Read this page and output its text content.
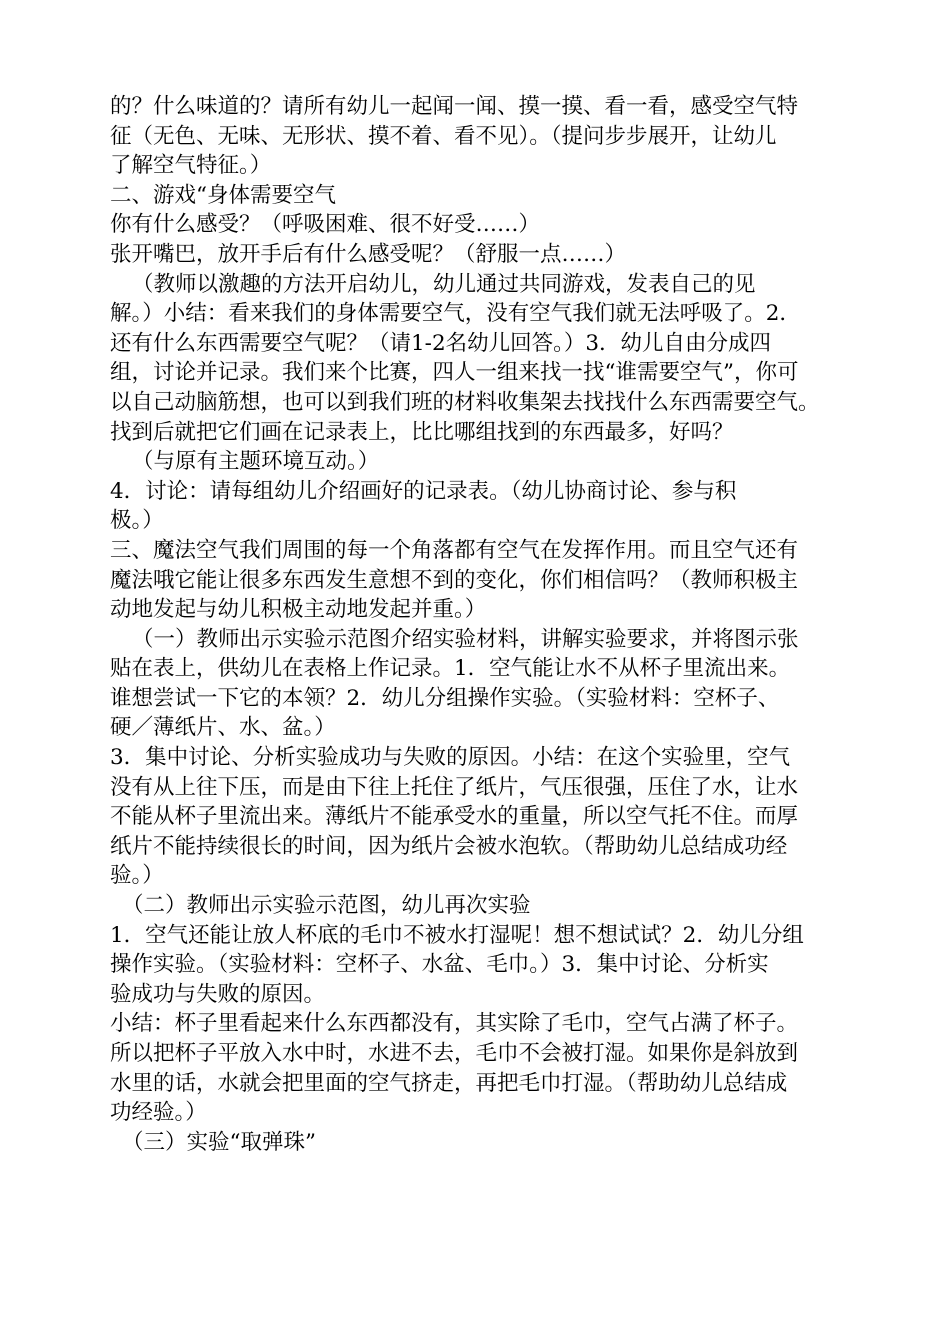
的？什么味道的？请所有幼儿一起闻一闻、摸一摸、看一看，感受空气特
征（无色、无味、无形状、摸不着、看不见）。（提问步步展开，让幼儿
了解空气特征。）
二、游戏“身体需要空气
你有什么感受？（呼吸困难、很不好受……）
张开嘴巴，放开手后有什么感受呢？（舒服一点……）
（教师以激趣的方法开启幼儿，幼儿通过共同游戏，发表自己的见
解。）小结：看来我们的身体需要空气，没有空气我们就无法呼吸了。2．
还有什么东西需要空气呢？（请1-2名幼儿回答。）3．幼儿自由分成四
组，讨论并记录。我们来个比赛，四人一组来找一找“谁需要空气”，你可
以自己动脑筋想，也可以到我们班的材料收集架去找找什么东西需要空气。
找到后就把它们画在记录表上，比比哪组找到的东西最多，好吗？
（与原有主题环境互动。）
4．讨论：请每组幼儿介绍画好的记录表。（幼儿协商讨论、参与积
极。）
三、魔法空气我们周围的每一个角落都有空气在发挥作用。而且空气还有
魔法哦它能让很多东西发生意想不到的变化，你们相信吗？（教师积极主
动地发起与幼儿积极主动地发起并重。）
（一）教师出示实验示范图介绍实验材料，讲解实验要求，并将图示张
贴在表上，供幼儿在表格上作记录。1．空气能让水不从杯子里流出来。
谁想尝试一下它的本领？2．幼儿分组操作实验。（实验材料：空杯子、
硬／薄纸片、水、盆。）
3．集中讨论、分析实验成功与失败的原因。小结：在这个实验里，空气
没有从上往下压，而是由下往上托住了纸片，气压很强，压住了水，让水
不能从杯子里流出来。薄纸片不能承受水的重量，所以空气托不住。而厚
纸片不能持续很长的时间，因为纸片会被水泡软。（帮助幼儿总结成功经
验。）
（二）教师出示实验示范图，幼儿再次实验
1．空气还能让放人杯底的毛巾不被水打湿呢！想不想试试？2．幼儿分组
操作实验。（实验材料：空杯子、水盆、毛巾。）3．集中讨论、分析实
验成功与失败的原因。
小结：杯子里看起来什么东西都没有，其实除了毛巾，空气占满了杯子。
所以把杯子平放入水中时，水进不去，毛巾不会被打湿。如果你是斜放到
水里的话，水就会把里面的空气挤走，再把毛巾打湿。（帮助幼儿总结成
功经验。）
（三）实验“取弹珠”
